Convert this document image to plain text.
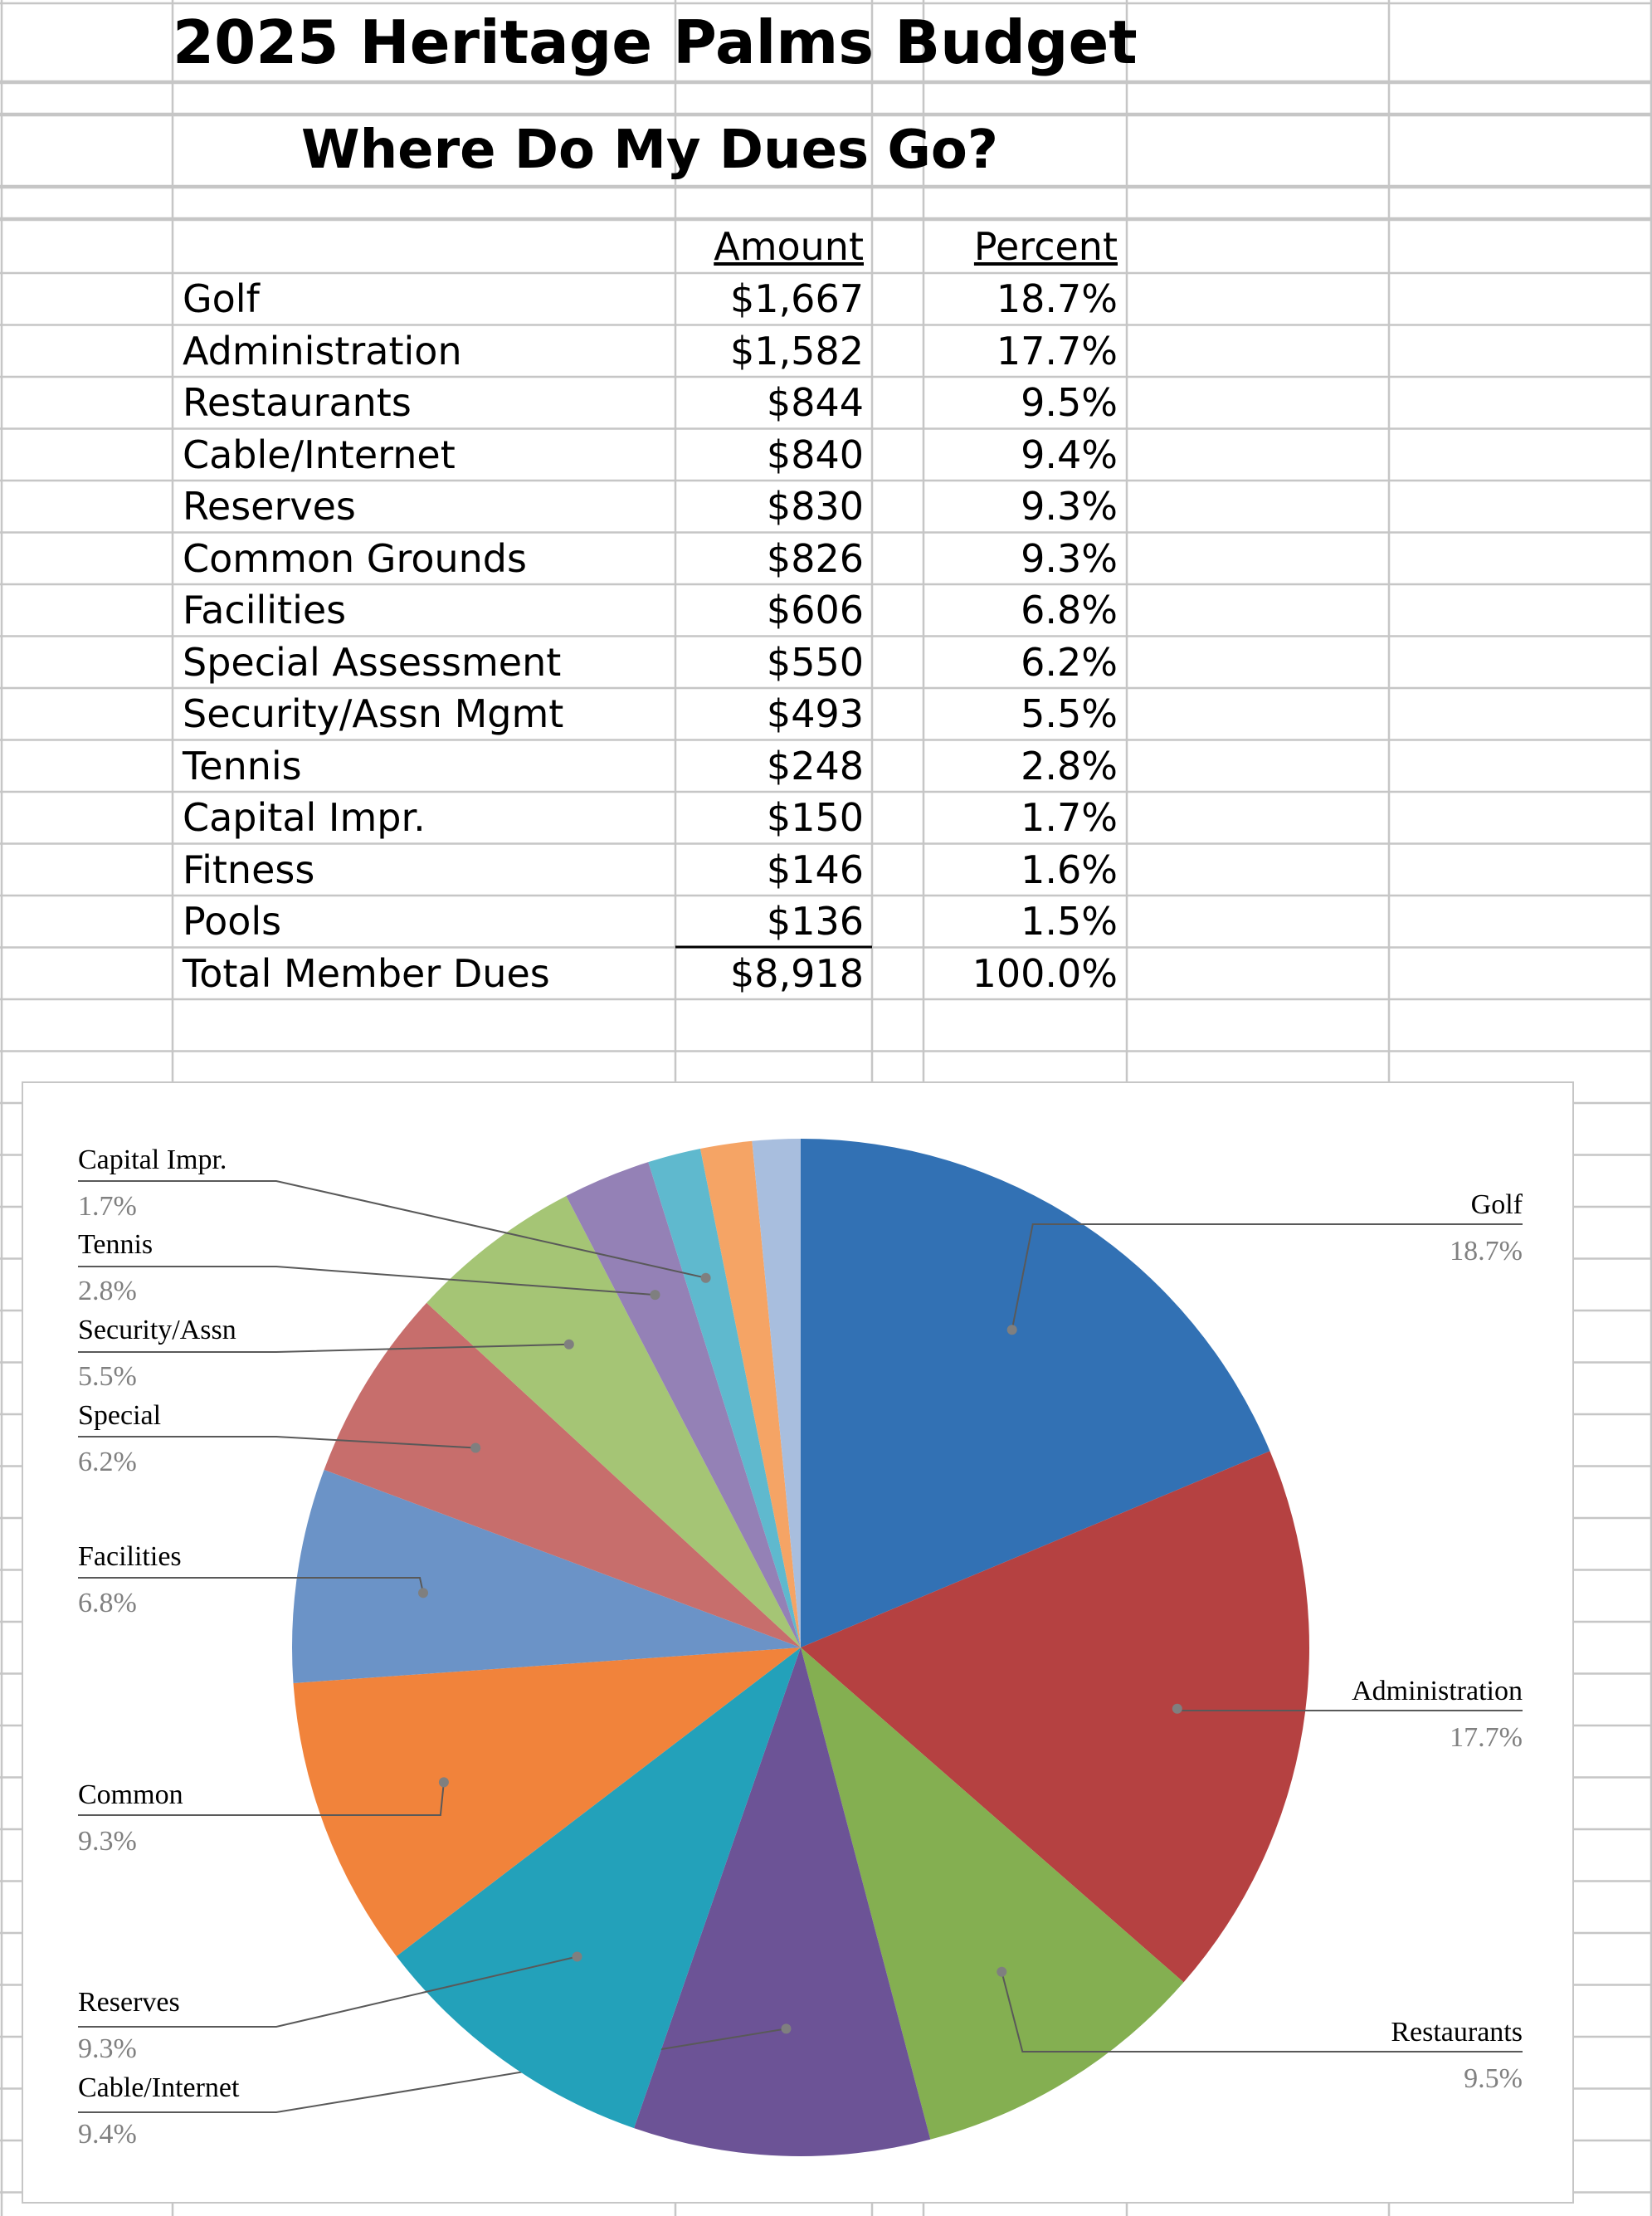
2025 Heritage Palms Budget
Where Do My Dues Go?
Amount	Percent
Golf	$1,667	18.7%
Administration	$1,582	17.7%
Restaurants	$844	9.5%
Cable/Internet	$840	9.4%
Reserves	$830	9.3%
Common Grounds	$826	9.3%
Facilities	$606	6.8%
Special Assessment	$550	6.2%
Security/Assn Mgmt	$493	5.5%
Tennis	$248	2.8%
Capital Impr.	$150	1.7%
Fitness	$146	1.6%
Pools	$136	1.5%
Total Member Dues	$8,918	100.0%
Golf
18.7%
Administration
17.7%
Restaurants
9.5%
Cable/Internet
9.4%
Reserves
9.3%
Common
9.3%
Facilities
6.8%
Special
6.2%
Security/Assn
5.5%
Tennis
2.8%
Capital Impr.
1.7%
